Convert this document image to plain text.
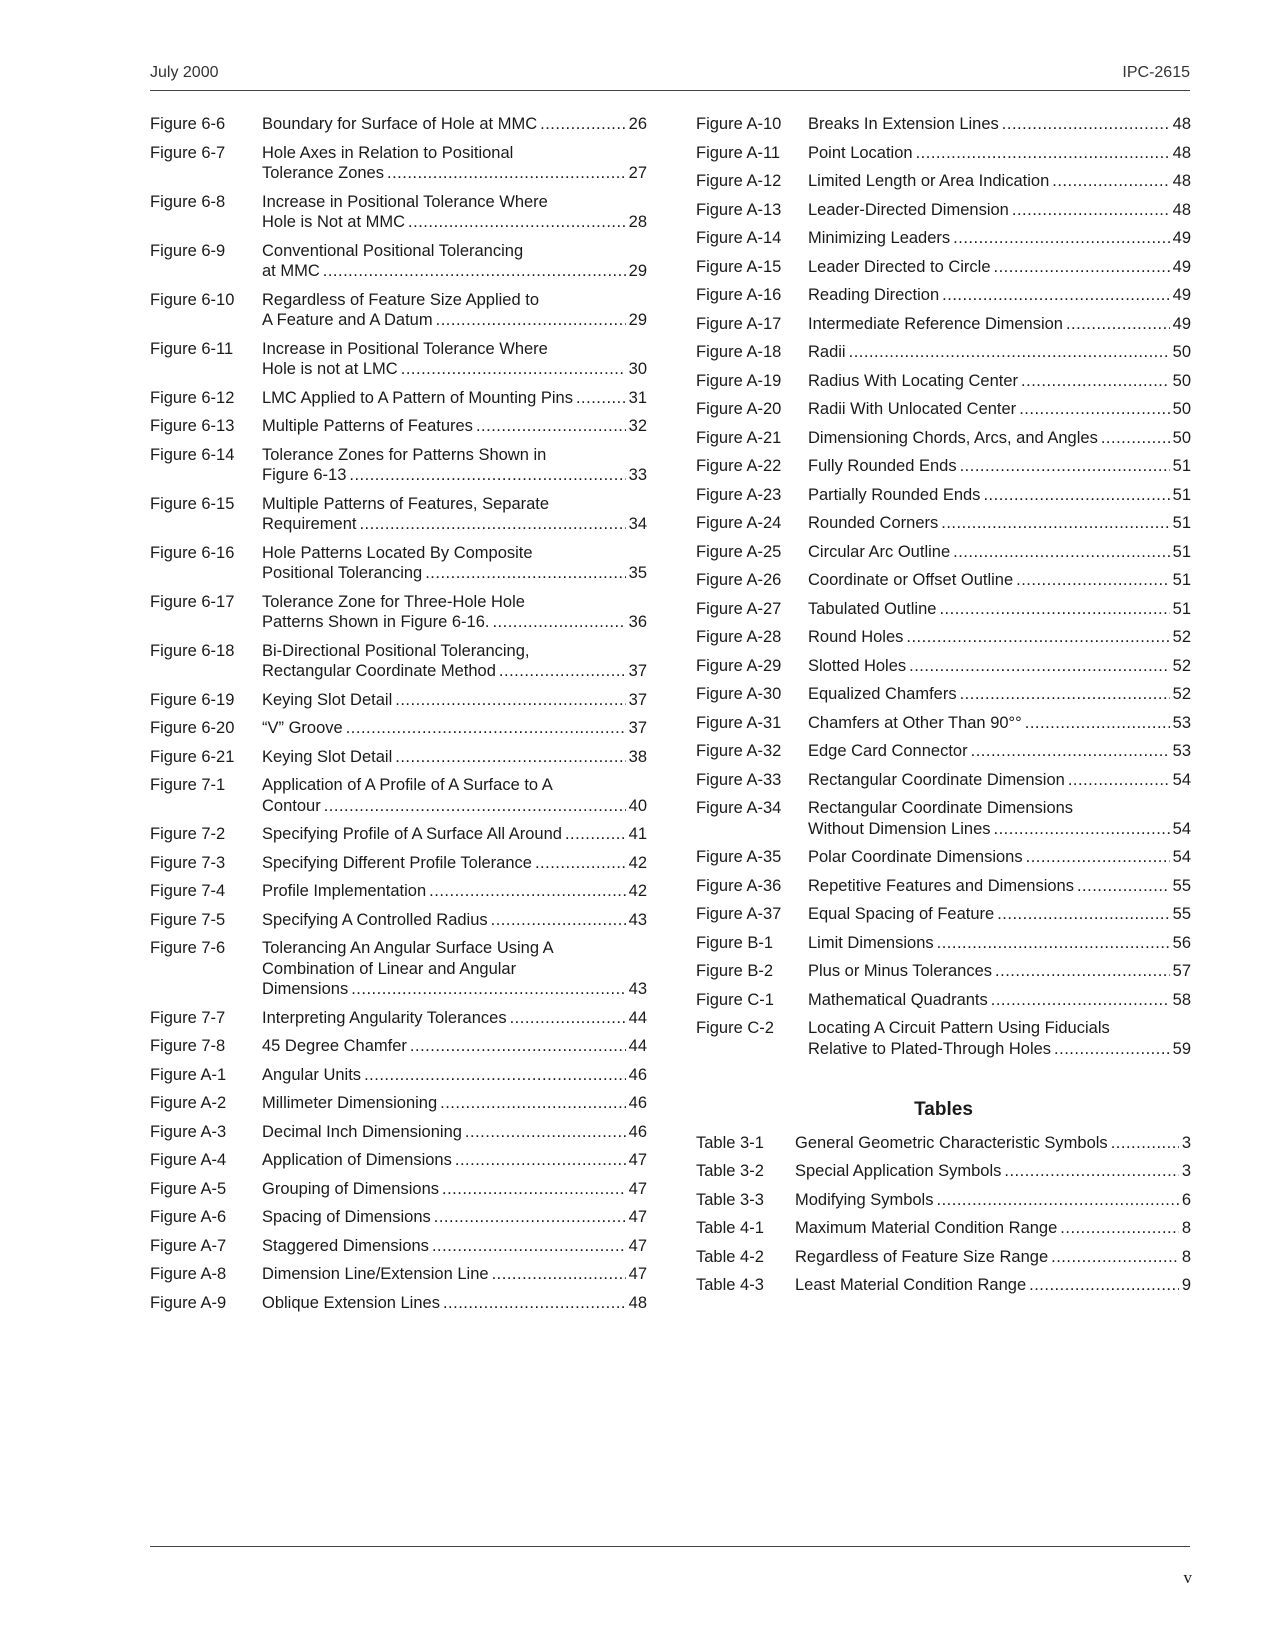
July 2000	IPC-2615
Figure 6-6	Boundary for Surface of Hole at MMC .....	26
Figure 6-7	Hole Axes in Relation to Positional
Tolerance Zones .....	27
Figure 6-8	Increase in Positional Tolerance Where
Hole is Not at MMC .....	28
Figure 6-9	Conventional Positional Tolerancing
at MMC .....	29
Figure 6-10	Regardless of Feature Size Applied to
A Feature and A Datum .....	29
Figure 6-11	Increase in Positional Tolerance Where
Hole is not at LMC .....	30
Figure 6-12	LMC Applied to A Pattern of Mounting Pins .....	31
Figure 6-13	Multiple Patterns of Features .....	32
Figure 6-14	Tolerance Zones for Patterns Shown in
Figure 6-13 .....	33
Figure 6-15	Multiple Patterns of Features, Separate
Requirement .....	34
Figure 6-16	Hole Patterns Located By Composite
Positional Tolerancing .....	35
Figure 6-17	Tolerance Zone for Three-Hole Hole
Patterns Shown in Figure 6-16. .....	36
Figure 6-18	Bi-Directional Positional Tolerancing,
Rectangular Coordinate Method .....	37
Figure 6-19	Keying Slot Detail .....	37
Figure 6-20	“V” Groove .....	37
Figure 6-21	Keying Slot Detail .....	38
Figure 7-1	Application of A Profile of A Surface to A
Contour .....	40
Figure 7-2	Specifying Profile of A Surface All Around .....	41
Figure 7-3	Specifying Different Profile Tolerance .....	42
Figure 7-4	Profile Implementation .....	42
Figure 7-5	Specifying A Controlled Radius .....	43
Figure 7-6	Tolerancing An Angular Surface Using A
Combination of Linear and Angular
Dimensions .....	43
Figure 7-7	Interpreting Angularity Tolerances .....	44
Figure 7-8	45 Degree Chamfer .....	44
Figure A-1	Angular Units .....	46
Figure A-2	Millimeter Dimensioning .....	46
Figure A-3	Decimal Inch Dimensioning .....	46
Figure A-4	Application of Dimensions .....	47
Figure A-5	Grouping of Dimensions .....	47
Figure A-6	Spacing of Dimensions .....	47
Figure A-7	Staggered Dimensions .....	47
Figure A-8	Dimension Line/Extension Line .....	47
Figure A-9	Oblique Extension Lines .....	48
Figure A-10	Breaks In Extension Lines .....	48
Figure A-11	Point Location .....	48
Figure A-12	Limited Length or Area Indication .....	48
Figure A-13	Leader-Directed Dimension .....	48
Figure A-14	Minimizing Leaders .....	49
Figure A-15	Leader Directed to Circle .....	49
Figure A-16	Reading Direction .....	49
Figure A-17	Intermediate Reference Dimension .....	49
Figure A-18	Radii .....	50
Figure A-19	Radius With Locating Center .....	50
Figure A-20	Radii With Unlocated Center .....	50
Figure A-21	Dimensioning Chords, Arcs, and Angles .....	50
Figure A-22	Fully Rounded Ends .....	51
Figure A-23	Partially Rounded Ends .....	51
Figure A-24	Rounded Corners .....	51
Figure A-25	Circular Arc Outline .....	51
Figure A-26	Coordinate or Offset Outline .....	51
Figure A-27	Tabulated Outline .....	51
Figure A-28	Round Holes .....	52
Figure A-29	Slotted Holes .....	52
Figure A-30	Equalized Chamfers .....	52
Figure A-31	Chamfers at Other Than 90°° .....	53
Figure A-32	Edge Card Connector .....	53
Figure A-33	Rectangular Coordinate Dimension .....	54
Figure A-34	Rectangular Coordinate Dimensions
Without Dimension Lines .....	54
Figure A-35	Polar Coordinate Dimensions .....	54
Figure A-36	Repetitive Features and Dimensions .....	55
Figure A-37	Equal Spacing of Feature .....	55
Figure B-1	Limit Dimensions .....	56
Figure B-2	Plus or Minus Tolerances .....	57
Figure C-1	Mathematical Quadrants .....	58
Figure C-2	Locating A Circuit Pattern Using Fiducials
Relative to Plated-Through Holes .....	59
Tables
Table 3-1	General Geometric Characteristic Symbols .....	3
Table 3-2	Special Application Symbols .....	3
Table 3-3	Modifying Symbols .....	6
Table 4-1	Maximum Material Condition Range .....	8
Table 4-2	Regardless of Feature Size Range .....	8
Table 4-3	Least Material Condition Range .....	9
v
